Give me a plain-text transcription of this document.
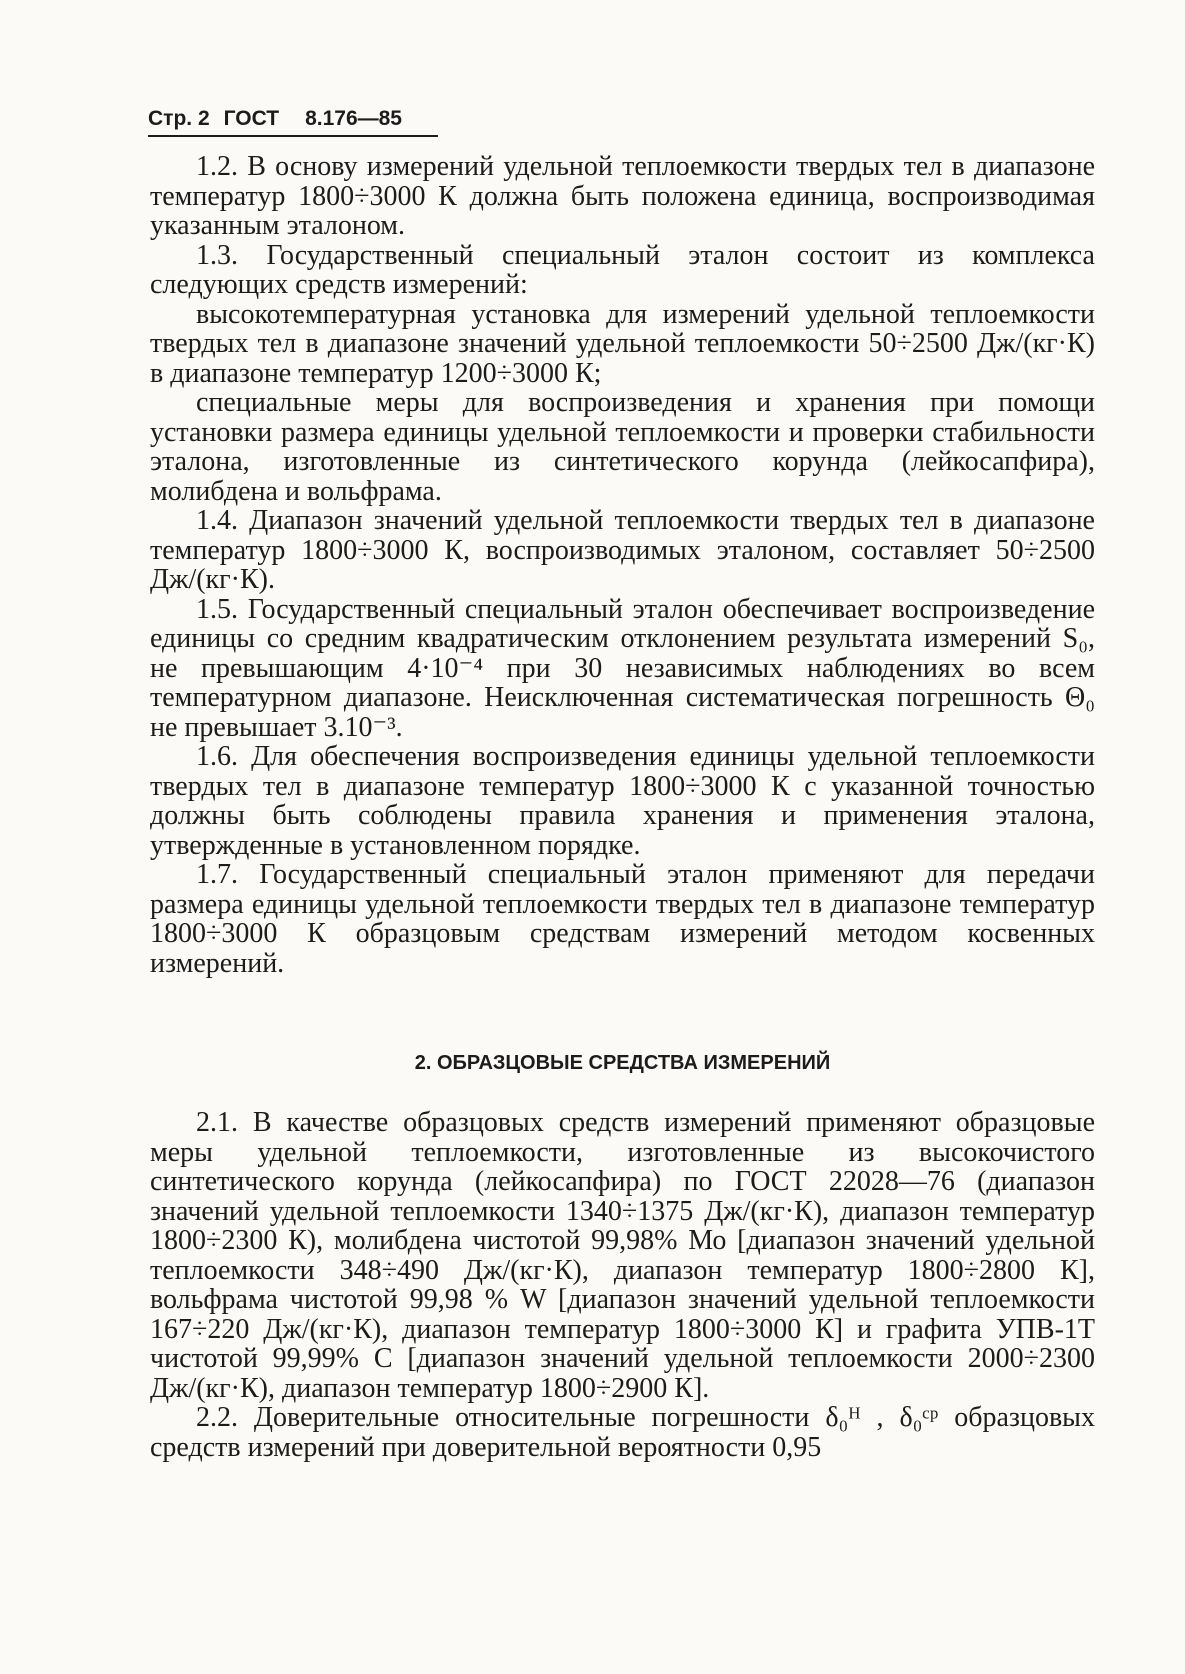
Стр. 2 ГОСТ 8.176—85

1.2. В основу измерений удельной теплоемкости твердых тел в диапазоне температур 1800÷3000 К должна быть положена единица, воспроизводимая указанным эталоном.

1.3. Государственный специальный эталон состоит из комплекса следующих средств измерений:

высокотемпературная установка для измерений удельной теплоемкости твердых тел в диапазоне значений удельной теплоемкости 50÷2500 Дж/(кг·К) в диапазоне температур 1200÷3000 К;

специальные меры для воспроизведения и хранения при помощи установки размера единицы удельной теплоемкости и проверки стабильности эталона, изготовленные из синтетического корунда (лейкосапфира), молибдена и вольфрама.

1.4. Диапазон значений удельной теплоемкости твердых тел в диапазоне температур 1800÷3000 К, воспроизводимых эталоном, составляет 50÷2500 Дж/(кг·К).

1.5. Государственный специальный эталон обеспечивает воспроизведение единицы со средним квадратическим отклонением результата измерений S₀, не превышающим 4·10⁻⁴ при 30 независимых наблюдениях во всем температурном диапазоне. Неисключенная систематическая погрешность Θ₀ не превышает 3.10⁻³.

1.6. Для обеспечения воспроизведения единицы удельной теплоемкости твердых тел в диапазоне температур 1800÷3000 К с указанной точностью должны быть соблюдены правила хранения и применения эталона, утвержденные в установленном порядке.

1.7. Государственный специальный эталон применяют для передачи размера единицы удельной теплоемкости твердых тел в диапазоне температур 1800÷3000 К образцовым средствам измерений методом косвенных измерений.

2. ОБРАЗЦОВЫЕ СРЕДСТВА ИЗМЕРЕНИЙ

2.1. В качестве образцовых средств измерений применяют образцовые меры удельной теплоемкости, изготовленные из высокочистого синтетического корунда (лейкосапфира) по ГОСТ 22028—76 (диапазон значений удельной теплоемкости 1340÷1375 Дж/(кг·К), диапазон температур 1800÷2300 К), молибдена чистотой 99,98% Мо [диапазон значений удельной теплоемкости 348÷490 Дж/(кг·К), диапазон температур 1800÷2800 К], вольфрама чистотой 99,98 % W [диапазон значений удельной теплоемкости 167÷220 Дж/(кг·К), диапазон температур 1800÷3000 К] и графита УПВ-1Т чистотой 99,99% С [диапазон значений удельной теплоемкости 2000÷2300 Дж/(кг·К), диапазон температур 1800÷2900 К].

2.2. Доверительные относительные погрешности δ₀ᴴ , δ₀ᶜᵖ образцовых средств измерений при доверительной вероятности 0,95
